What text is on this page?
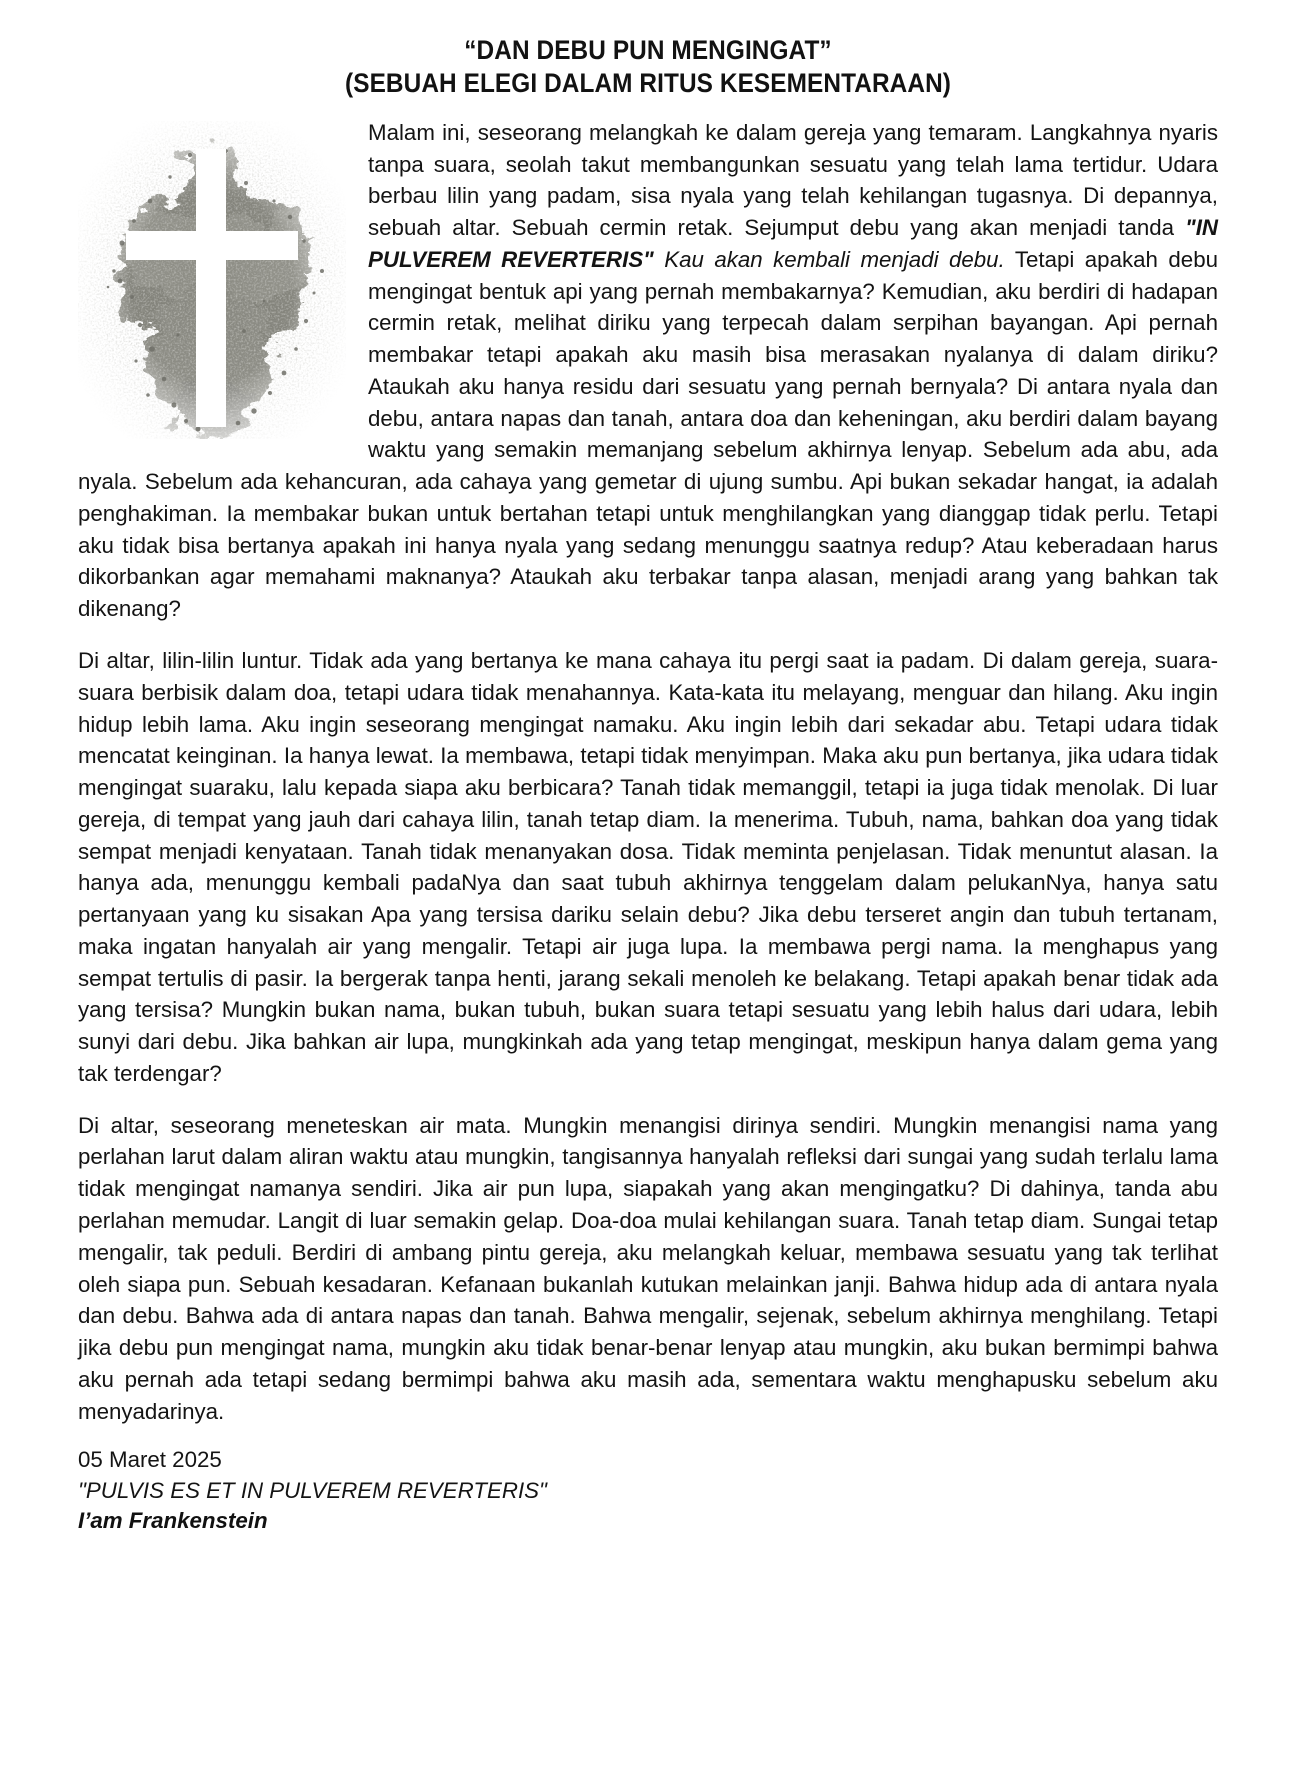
“DAN DEBU PUN MENGINGAT”
(SEBUAH ELEGI DALAM RITUS KESEMENTARAAN)

Malam ini, seseorang melangkah ke dalam gereja yang temaram. Langkahnya nyaris tanpa suara, seolah takut membangunkan sesuatu yang telah lama tertidur. Udara berbau lilin yang padam, sisa nyala yang telah kehilangan tugasnya. Di depannya, sebuah altar. Sebuah cermin retak. Sejumput debu yang akan menjadi tanda "IN PULVEREM REVERTERIS" Kau akan kembali menjadi debu. Tetapi apakah debu mengingat bentuk api yang pernah membakarnya? Kemudian, aku berdiri di hadapan cermin retak, melihat diriku yang terpecah dalam serpihan bayangan. Api pernah membakar tetapi apakah aku masih bisa merasakan nyalanya di dalam diriku? Ataukah aku hanya residu dari sesuatu yang pernah bernyala? Di antara nyala dan debu, antara napas dan tanah, antara doa dan keheningan, aku berdiri dalam bayang waktu yang semakin memanjang sebelum akhirnya lenyap. Sebelum ada abu, ada nyala. Sebelum ada kehancuran, ada cahaya yang gemetar di ujung sumbu. Api bukan sekadar hangat, ia adalah penghakiman. Ia membakar bukan untuk bertahan tetapi untuk menghilangkan yang dianggap tidak perlu. Tetapi aku tidak bisa bertanya apakah ini hanya nyala yang sedang menunggu saatnya redup? Atau keberadaan harus dikorbankan agar memahami maknanya? Ataukah aku terbakar tanpa alasan, menjadi arang yang bahkan tak dikenang?

Di altar, lilin-lilin luntur. Tidak ada yang bertanya ke mana cahaya itu pergi saat ia padam. Di dalam gereja, suara-suara berbisik dalam doa, tetapi udara tidak menahannya. Kata-kata itu melayang, menguar dan hilang. Aku ingin hidup lebih lama. Aku ingin seseorang mengingat namaku. Aku ingin lebih dari sekadar abu. Tetapi udara tidak mencatat keinginan. Ia hanya lewat. Ia membawa, tetapi tidak menyimpan. Maka aku pun bertanya, jika udara tidak mengingat suaraku, lalu kepada siapa aku berbicara? Tanah tidak memanggil, tetapi ia juga tidak menolak. Di luar gereja, di tempat yang jauh dari cahaya lilin, tanah tetap diam. Ia menerima. Tubuh, nama, bahkan doa yang tidak sempat menjadi kenyataan. Tanah tidak menanyakan dosa. Tidak meminta penjelasan. Tidak menuntut alasan. Ia hanya ada, menunggu kembali padaNya dan saat tubuh akhirnya tenggelam dalam pelukanNya, hanya satu pertanyaan yang ku sisakan Apa yang tersisa dariku selain debu? Jika debu terseret angin dan tubuh tertanam, maka ingatan hanyalah air yang mengalir. Tetapi air juga lupa. Ia membawa pergi nama. Ia menghapus yang sempat tertulis di pasir. Ia bergerak tanpa henti, jarang sekali menoleh ke belakang. Tetapi apakah benar tidak ada yang tersisa? Mungkin bukan nama, bukan tubuh, bukan suara tetapi sesuatu yang lebih halus dari udara, lebih sunyi dari debu. Jika bahkan air lupa, mungkinkah ada yang tetap mengingat, meskipun hanya dalam gema yang tak terdengar?

Di altar, seseorang meneteskan air mata. Mungkin menangisi dirinya sendiri. Mungkin menangisi nama yang perlahan larut dalam aliran waktu atau mungkin, tangisannya hanyalah refleksi dari sungai yang sudah terlalu lama tidak mengingat namanya sendiri. Jika air pun lupa, siapakah yang akan mengingatku? Di dahinya, tanda abu perlahan memudar. Langit di luar semakin gelap. Doa-doa mulai kehilangan suara. Tanah tetap diam. Sungai tetap mengalir, tak peduli. Berdiri di ambang pintu gereja, aku melangkah keluar, membawa sesuatu yang tak terlihat oleh siapa pun. Sebuah kesadaran. Kefanaan bukanlah kutukan melainkan janji. Bahwa hidup ada di antara nyala dan debu. Bahwa ada di antara napas dan tanah. Bahwa mengalir, sejenak, sebelum akhirnya menghilang. Tetapi jika debu pun mengingat nama, mungkin aku tidak benar-benar lenyap atau mungkin, aku bukan bermimpi bahwa aku pernah ada tetapi sedang bermimpi bahwa aku masih ada, sementara waktu menghapusku sebelum aku menyadarinya.

05 Maret 2025
"PULVIS ES ET IN PULVEREM REVERTERIS"
I’am Frankenstein
